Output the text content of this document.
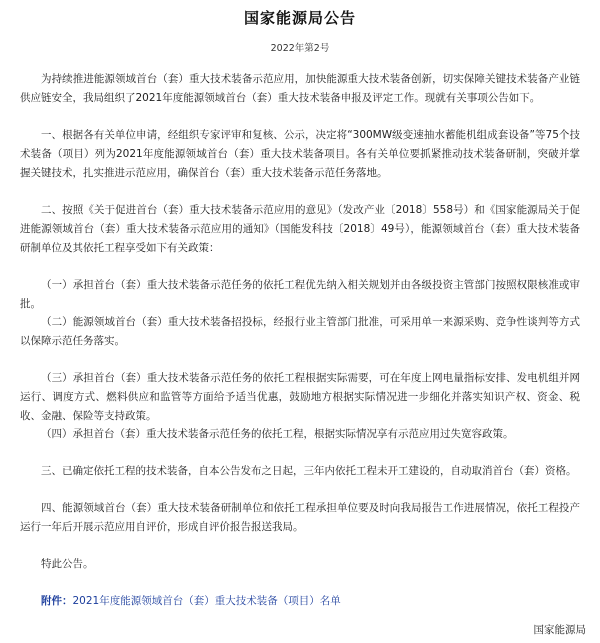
国家能源局公告
2022年第2号

为持续推进能源领域首台（套）重大技术装备示范应用，加快能源重大技术装备创新，切实保障关键技术装备产业链供应链安全，我局组织了2021年度能源领域首台（套）重大技术装备申报及评定工作。现就有关事项公告如下。

一、根据各有关单位申请，经组织专家评审和复核、公示，决定将“300MW级变速抽水蓄能机组成套设备”等75个技术装备（项目）列为2021年度能源领域首台（套）重大技术装备项目。各有关单位要抓紧推动技术装备研制，突破并掌握关键技术，扎实推进示范应用，确保首台（套）重大技术装备示范任务落地。

二、按照《关于促进首台（套）重大技术装备示范应用的意见》（发改产业〔2018〕558号）和《国家能源局关于促进能源领域首台（套）重大技术装备示范应用的通知》（国能发科技〔2018〕49号），能源领域首台（套）重大技术装备研制单位及其依托工程享受如下有关政策：

（一）承担首台（套）重大技术装备示范任务的依托工程优先纳入相关规划并由各级投资主管部门按照权限核准或审批。

（二）能源领域首台（套）重大技术装备招投标，经报行业主管部门批准，可采用单一来源采购、竞争性谈判等方式以保障示范任务落实。

（三）承担首台（套）重大技术装备示范任务的依托工程根据实际需要，可在年度上网电量指标安排、发电机组并网运行、调度方式、燃料供应和监管等方面给予适当优惠，鼓励地方根据实际情况进一步细化并落实知识产权、资金、税收、金融、保险等支持政策。

（四）承担首台（套）重大技术装备示范任务的依托工程，根据实际情况享有示范应用过失宽容政策。

三、已确定依托工程的技术装备，自本公告发布之日起，三年内依托工程未开工建设的，自动取消首台（套）资格。

四、能源领域首台（套）重大技术装备研制单位和依托工程承担单位要及时向我局报告工作进展情况，依托工程投产运行一年后开展示范应用自评价，形成自评价报告报送我局。

特此公告。

附件：2021年度能源领域首台（套）重大技术装备（项目）名单
国家能源局
